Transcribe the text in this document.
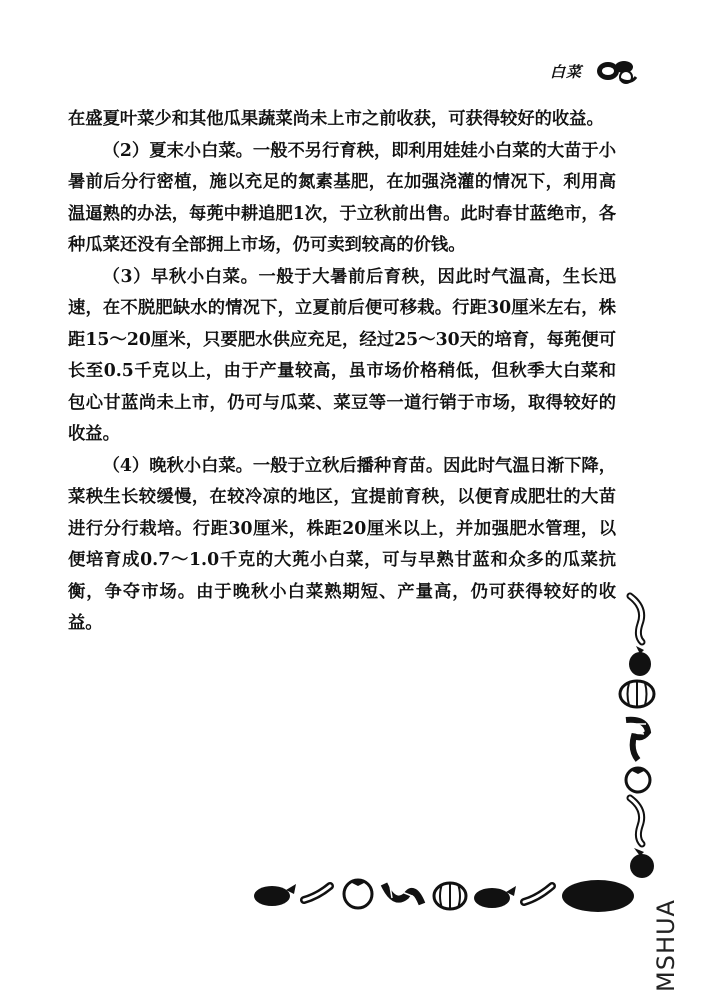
白菜

在盛夏叶菜少和其他瓜果蔬菜尚未上市之前收获，可获得较好的收益。

（2）夏末小白菜。一般不另行育秧，即利用娃娃小白菜的大苗于小暑前后分行密植，施以充足的氮素基肥，在加强浇灌的情况下，利用高温逼熟的办法，每蔸中耕追肥1次，于立秋前出售。此时春甘蓝绝市，各种瓜菜还没有全部拥上市场，仍可卖到较高的价钱。

（3）早秋小白菜。一般于大暑前后育秧，因此时气温高，生长迅速，在不脱肥缺水的情况下，立夏前后便可移栽。行距30厘米左右，株距15～20厘米，只要肥水供应充足，经过25～30天的培育，每蔸便可长至0.5千克以上，由于产量较高，虽市场价格稍低，但秋季大白菜和包心甘蓝尚未上市，仍可与瓜菜、菜豆等一道行销于市场，取得较好的收益。

（4）晚秋小白菜。一般于立秋后播种育苗。因此时气温日渐下降，菜秧生长较缓慢，在较冷凉的地区，宜提前育秧，以便育成肥壮的大苗进行分行栽培。行距30厘米，株距20厘米以上，并加强肥水管理，以便培育成0.7～1.0千克的大蔸小白菜，可与早熟甘蓝和众多的瓜菜抗衡，争夺市场。由于晚秋小白菜熟期短、产量高，仍可获得较好的收益。

MSHUA
